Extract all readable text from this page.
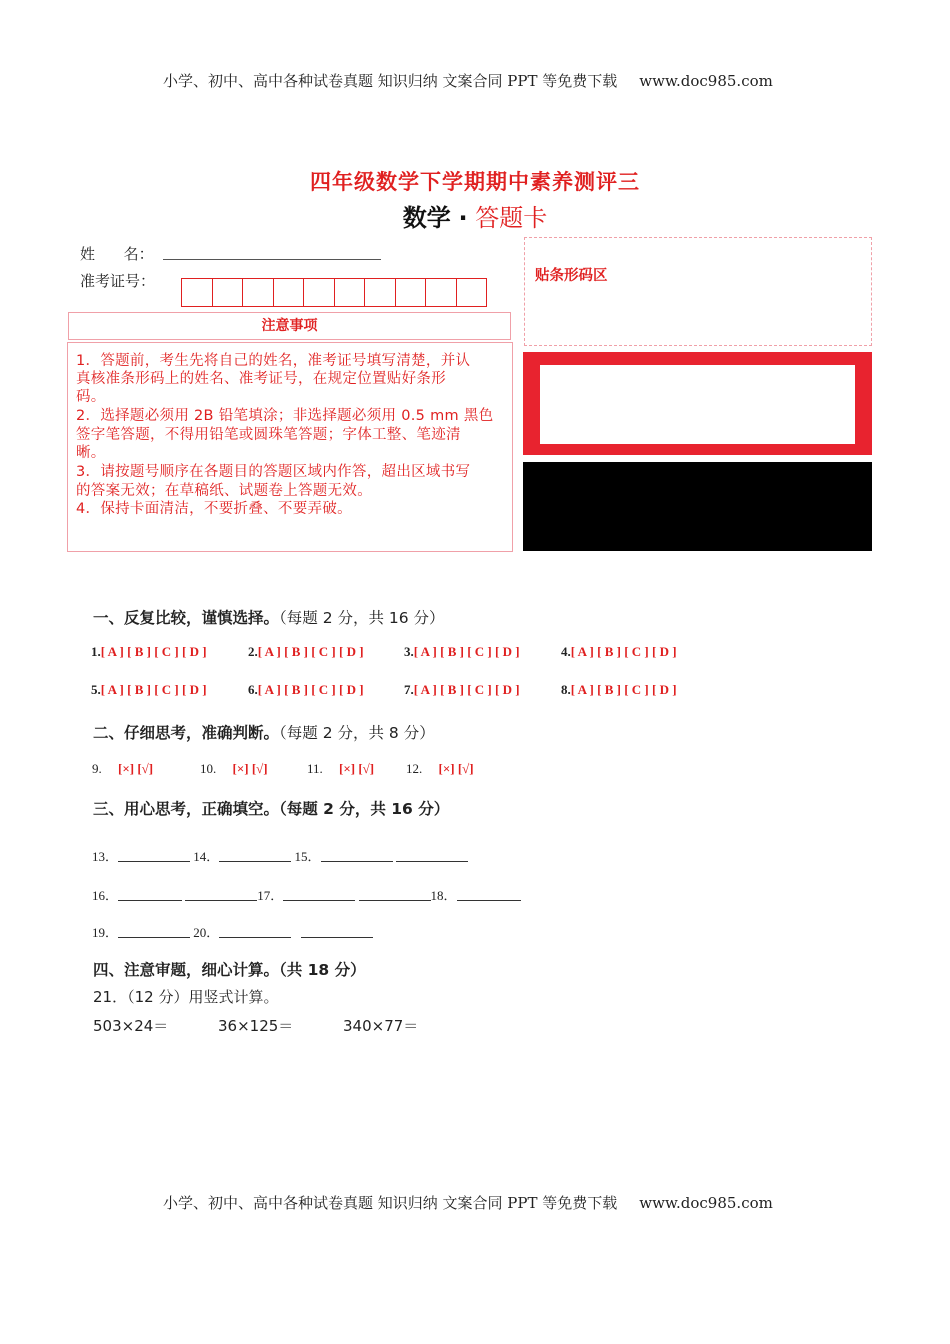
小学、初中、高中各种试卷真题 知识归纳 文案合同 PPT 等免费下载 www.doc985.com
四年级数学下学期期中素养测评三
数学 · 答题卡
姓      名：
准考证号：
注意事项
1．答题前，考生先将自己的姓名，准考证号填写清楚，并认
真核准条形码上的姓名、准考证号，在规定位置贴好条形
码。
2．选择题必须用 2B 铅笔填涂；非选择题必须用 0.5 mm 黑色
签字笔答题，不得用铅笔或圆珠笔答题；字体工整、笔迹清
晰。
3．请按题号顺序在各题目的答题区域内作答，超出区域书写
的答案无效；在草稿纸、试题卷上答题无效。
4．保持卡面清洁，不要折叠、不要弄破。
贴条形码区
一、反复比较，谨慎选择。（每题 2 分，共 16 分）
1.[ A ] [ B ] [ C ] [ D ]	2.[ A ] [ B ] [ C ] [ D ]	3.[ A ] [ B ] [ C ] [ D ]	4.[ A ] [ B ] [ C ] [ D ]
5.[ A ] [ B ] [ C ] [ D ]	6.[ A ] [ B ] [ C ] [ D ]	7.[ A ] [ B ] [ C ] [ D ]	8.[ A ] [ B ] [ C ] [ D ]
二、仔细思考，准确判断。（每题 2 分，共 8 分）
9. [×] [√]	10. [×] [√]	11. [×] [√] 12. [×] [√]
三、用心思考，正确填空。（每题 2 分，共 16 分）
13．	14．	15．
16．	17．	18．
19．	20．
四、注意审题，细心计算。（共 18 分）
21．（12 分）用竖式计算。
503×24＝	36×125＝	340×77＝
小学、初中、高中各种试卷真题 知识归纳 文案合同 PPT 等免费下载 www.doc985.com
